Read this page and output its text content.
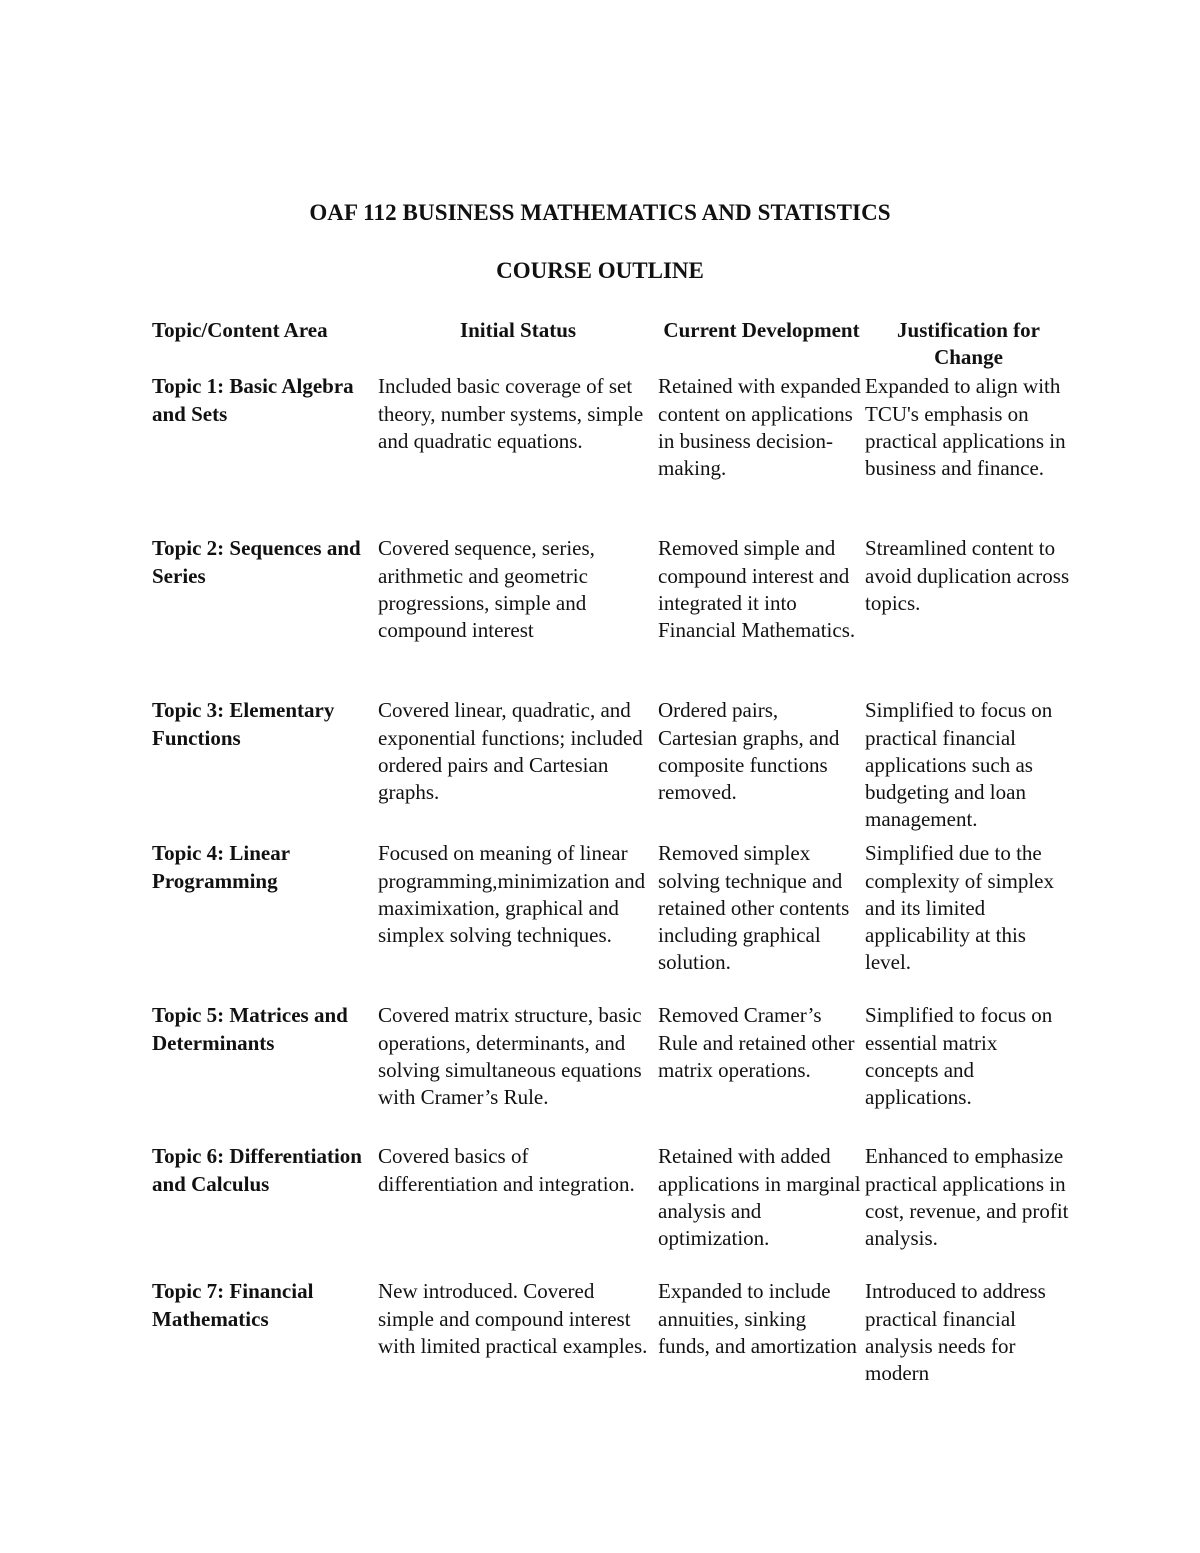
OAF 112 BUSINESS MATHEMATICS AND STATISTICS
COURSE OUTLINE
Topic/Content Area	Initial Status	Current Development	Justification for Change
Topic 1: Basic Algebra and Sets	Included basic coverage of set theory, number systems, simple and quadratic equations.	Retained with expanded content on applications in business decision-making.	Expanded to align with TCU's emphasis on practical applications in business and finance.
Topic 2: Sequences and Series	Covered sequence, series, arithmetic and geometric progressions, simple and compound interest	Removed simple and compound interest and integrated it into Financial Mathematics.	Streamlined content to avoid duplication across topics.
Topic 3: Elementary Functions	Covered linear, quadratic, and exponential functions; included ordered pairs and Cartesian graphs.	Ordered pairs, Cartesian graphs, and composite functions removed.	Simplified to focus on practical financial applications such as budgeting and loan management.
Topic 4: Linear Programming	Focused on meaning of linear programming,minimization and maximixation, graphical and simplex solving techniques.	Removed simplex solving technique and retained other contents including graphical solution.	Simplified due to the complexity of simplex and its limited applicability at this level.
Topic 5: Matrices and Determinants	Covered matrix structure, basic operations, determinants, and solving simultaneous equations with Cramer’s Rule.	Removed Cramer’s Rule and retained other matrix operations.	Simplified to focus on essential matrix concepts and applications.
Topic 6: Differentiation and Calculus	Covered basics of differentiation and integration.	Retained with added applications in marginal analysis and optimization.	Enhanced to emphasize practical applications in cost, revenue, and profit analysis.
Topic 7: Financial Mathematics	New introduced. Covered simple and compound interest with limited practical examples.	Expanded to include annuities, sinking funds, and amortization	Introduced to address practical financial analysis needs for modern
